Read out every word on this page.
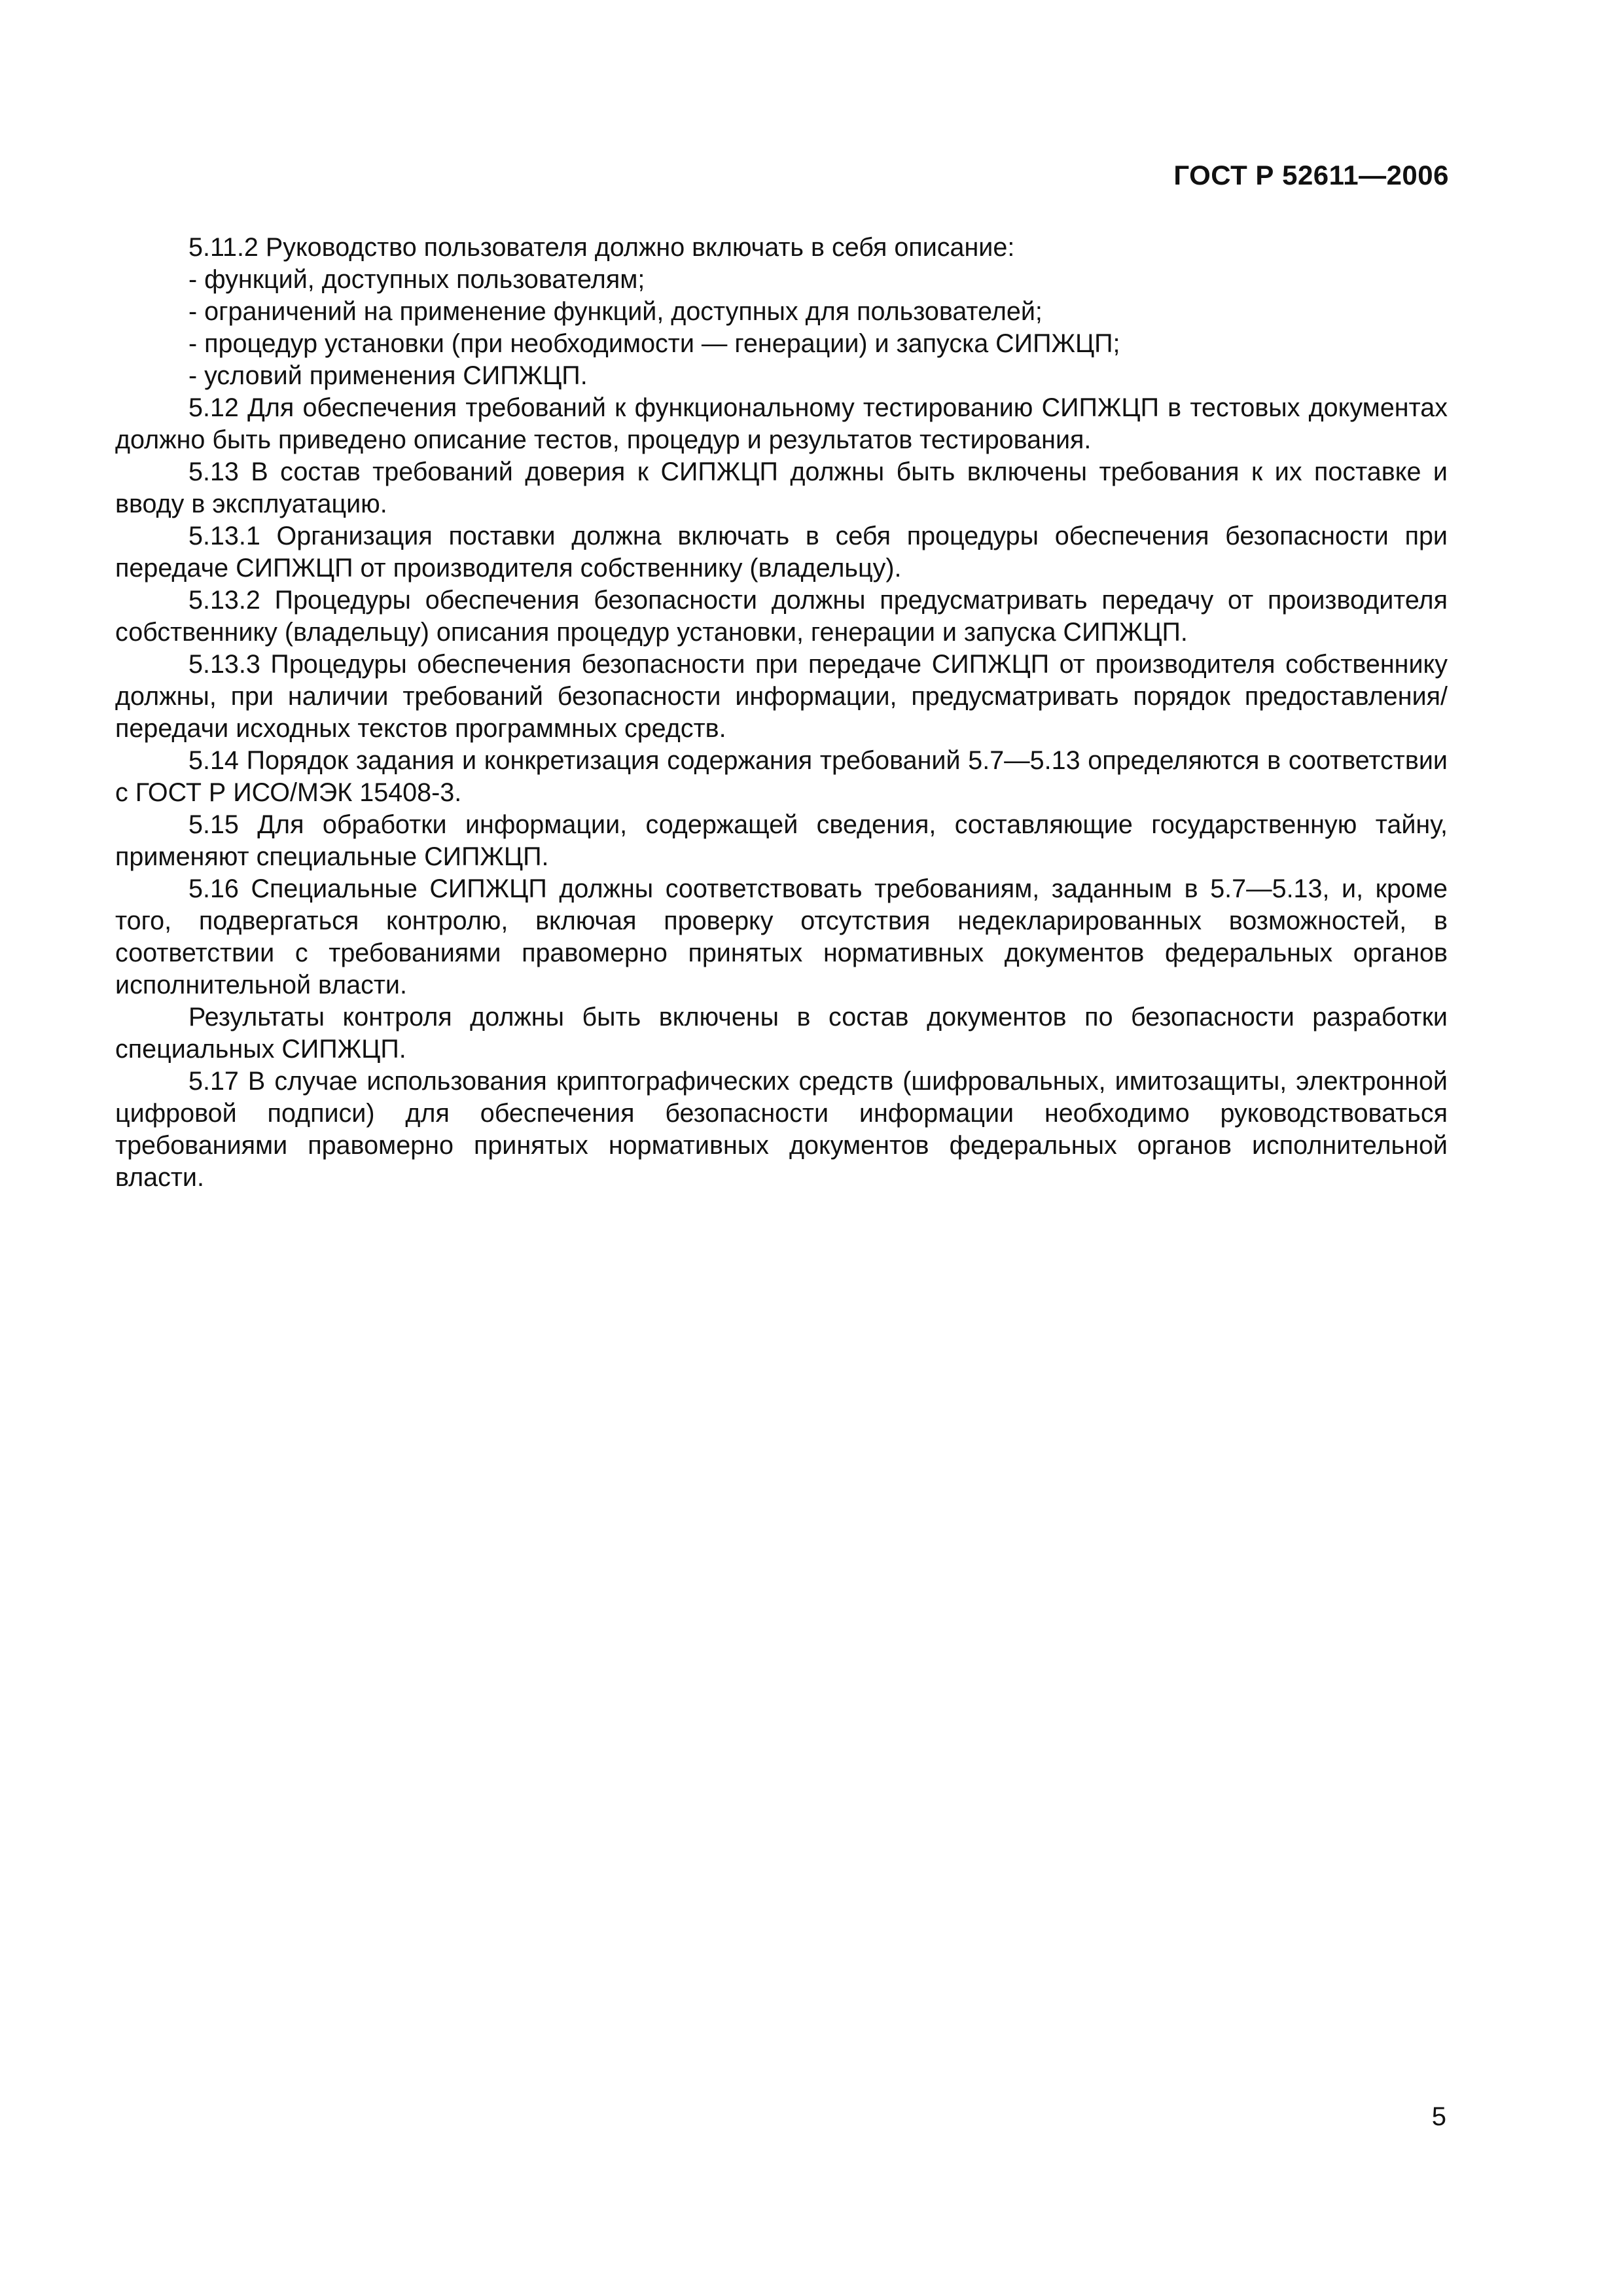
ГОСТ Р 52611—2006

5.11.2 Руководство пользователя должно включать в себя описание:

- функций, доступных пользователям;

- ограничений на применение функций, доступных для пользователей;

- процедур установки (при необходимости — генерации) и запуска СИПЖЦП;

- условий применения СИПЖЦП.

5.12 Для обеспечения требований к функциональному тестированию СИПЖЦП в тестовых документах должно быть приведено описание тестов, процедур и результатов тестирования.

5.13 В состав требований доверия к СИПЖЦП должны быть включены требования к их поставке и вводу в эксплуатацию.

5.13.1 Организация поставки должна включать в себя процедуры обеспечения безопасности при передаче СИПЖЦП от производителя собственнику (владельцу).

5.13.2 Процедуры обеспечения безопасности должны предусматривать передачу от производителя собственнику (владельцу) описания процедур установки, генерации и запуска СИПЖЦП.

5.13.3 Процедуры обеспечения безопасности при передаче СИПЖЦП от производителя собственнику должны, при наличии требований безопасности информации, предусматривать порядок предоставления/передачи исходных текстов программных средств.

5.14 Порядок задания и конкретизация содержания требований 5.7—5.13 определяются в соответствии с ГОСТ Р ИСО/МЭК 15408-3.

5.15 Для обработки информации, содержащей сведения, составляющие государственную тайну, применяют специальные СИПЖЦП.

5.16 Специальные СИПЖЦП должны соответствовать требованиям, заданным в 5.7—5.13, и, кроме того, подвергаться контролю, включая проверку отсутствия недекларированных возможностей, в соответствии с требованиями правомерно принятых нормативных документов федеральных органов исполнительной власти.

Результаты контроля должны быть включены в состав документов по безопасности разработки специальных СИПЖЦП.

5.17 В случае использования криптографических средств (шифровальных, имитозащиты, электронной цифровой подписи) для обеспечения безопасности информации необходимо руководствоваться требованиями правомерно принятых нормативных документов федеральных органов исполнительной власти.

5
